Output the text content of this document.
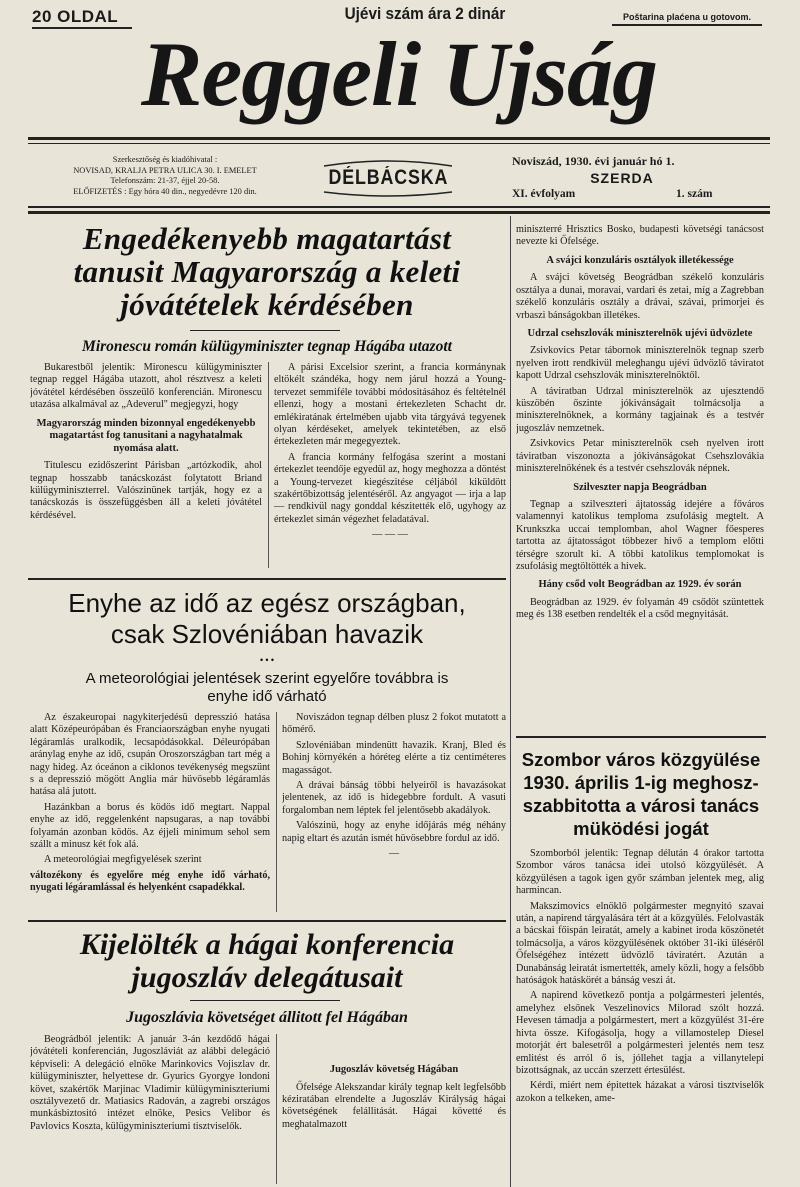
20 OLDAL	Ujévi szám ára 2 dinár	Poštarina plaćena u gotovom.
Reggeli Ujság
Szerkesztőség és kiadóhivatal :
NOVISAD, KRALJA PETRA ULICA 30. I. EMELET
Telefonszám: 21-37, éjjel 20-58.
ELŐFIZETÉS : Egy hóra 40 din., negyedévre 120 din.
DÉLBÁCSKA
Noviszád, 1930. évi január hó 1.
SZERDA
XI. évfolyam	1. szám
Engedékenyebb magatartást
tanusit Magyarország a keleti
jóvátételek kérdésében
Mironescu román külügyminiszter tegnap Hágába utazott

Bukarestből jelentik: Mironescu külügyminiszter tegnap reggel Hágába utazott, ahol résztvesz a keleti jóvátétel kérdésében összeülő konferencián. Mironescu utazása alkalmával az „Adeverul" megjegyzi, hogy

Magyarország minden bizonnyal engedékenyebb magatartást fog tanusitani a nagyhatalmak nyomása alatt.

Titulescu ezidőszerint Párisban „artózkodik, ahol tegnap hosszabb tanácskozást folytatott Briand külügyminiszterrel. Valószinünek tartják, hogy ez a tanácskozás is összefüggésben áll a keleti jóvátétel kérdésével.

A párisi Excelsior szerint, a francia kormánynak eltökélt szándéka, hogy nem járul hozzá a Young-tervezet semmiféle további módositásához és feltételnél ellenzi, hogy a mostani értekezleten Schacht dr. emlékiratának értelmében ujabb vita tárgyává tegyenek olyan kérdéseket, amelyek tekintetében, az első értekezleten már megegyeztek.

A francia kormány felfogása szerint a mostani értekezlet teendője egyedül az, hogy meghozza a döntést a Young-tervezet kiegészitése céljából kiküldött szakértőbizottság jelentéséről. Az angyagot — irja a lap — rendkivül nagy gonddal készitették elő, ugyhogy az értekezlet simán végezhet feladatával.

— — —
Enyhe az idő az egész országban,
csak Szlovéniában havazik
• • •
A meteorológiai jelentések szerint egyelőre továbbra is
enyhe idő várható

Az északeuropai nagykiterjedésü depresszió hatása alatt Középeurópában és Franciaországban enyhe nyugati légáramlás uralkodik, lecsapódásokkal. Déleurópában aránylag enyhe az idő, csupán Oroszországban tart még a nagy hideg. Az óceánon a ciklonos tevékenység megszünt s a depresszió mögött Anglia már hüvösebb légáramlás hatása alá jutott.

Hazánkban a borus és ködös idő megtart. Nappal enyhe az idő, reggelenként napsugaras, a nap további folyamán azonban ködös. Az éjjeli minimum sehol sem szállt a minusz két fok alá.

A meteorológiai megfigyelések szerint

változékony és egyelőre még enyhe idő várható, nyugati légáramlással és helyenként csapadékkal.

Noviszádon tegnap délben plusz 2 fokot mutatott a hőmérő.

Szlovéniában mindenütt havazik. Kranj, Bled és Bohinj környékén a hóréteg elérte a tiz centiméteres magasságot.

A drávai bánság többi helyeiről is havazásokat jelentenek, az idő is hidegebbre fordult. A vasuti forgalomban nem léptek fel jelentősebb akadályok.

Valószinü, hogy az enyhe időjárás még néhány napig eltart és azután ismét hüvösebbre fordul az idő.

—
Kijelölték a hágai konferencia
jugoszláv delegátusait
Jugoszlávia követséget állitott fel Hágában

Beográdból jelentik: A január 3-án kezdődő hágai jóvátételi konferencián, Jugoszláviát az alábbi delegáció képviseli: A delegáció elnöke Marinkovics Vojiszlav dr. külügyminiszter, helyettese dr. Gyurics Gyorgye londoni követ, szakértők Marjinac Vladimir külügyminiszteriumi osztályvezető dr. Matiasics Radován, a zagrebi országos munkásbiztositó intézet elnöke, Pesics Velibor és Pavlovics Koszta, külügyminiszteriumi tisztviselők.

Jugoszláv követség Hágában

Őfelsége Alekszandar király tegnap kelt legfelsőbb kéziratában elrendelte a Jugoszláv Királyság hágai követségének felállitását. Hágai követté és meghatalmazott

miniszterré Hrisztics Bosko, budapesti követségi tanácsost nevezte ki Őfelsége.

A svájci konzuláris osztályok illetékessége

A svájci követség Beográdban székelő konzuláris osztálya a dunai, moravai, vardari és zetai, míg a Zagrebban székelő konzuláris osztály a drávai, szávai, primorjei és vrbaszi bánságokban illetékes.

Udrzal csehszlovák miniszterelnök ujévi üdvözlete

Zsivkovics Petar tábornok miniszterelnök tegnap szerb nyelven irott rendkivül meleghangu ujévi üdvözlő táviratot kapott Udrzal csehszlovák miniszterelnöktől.

A táviratban Udrzal miniszterelnök az ujesztendő küszöbén őszinte jókivánságait tolmácsolja a miniszterelnöknek, a kormány tagjainak és a testvér jugoszláv nemzetnek.

Zsivkovics Petar miniszterelnök cseh nyelven irott táviratban viszonozta a jókivánságokat Csehszlovákia miniszterelnökének és a testvér csehszlovák népnek.

Szilveszter napja Beográdban

Tegnap a szilveszteri ájtatosság idejére a főváros valamennyi katolikus temploma zsufolásig megtelt. A Krunkszka uccai templomban, ahol Wagner főesperes tartotta az ájtatosságot többezer hivő a templom előtti térségre szorult ki. A többi katolikus templomokat is zsufolásig megtöltötték a hivek.

Hány csőd volt Beográdban az 1929. év során

Beográdban az 1929. év folyamán 49 csődöt szüntettek meg és 138 esetben rendelték el a csőd megnyitását.

Szombor város közgyülése
1930. április 1-ig meghosz-
szabbitotta a városi tanács
müködési jogát

Szomborból jelentik: Tegnap délután 4 órakor tartotta Szombor város tanácsa idei utolsó közgyülését. A közgyülésen a tagok igen győr számban jelentek meg, alig harmincan.

Makszimovics elnöklő polgármester megnyitó szavai után, a napirend tárgyalására tért át a közgyülés. Felolvasták a bácskai főispán leiratát, amely a kabinet iroda köszönetét tolmácsolja, a város közgyülésének október 31-iki üléséről Őfelségéhez intézett üdvözlő táviratért. Azután a Dunabánság leiratát ismertették, amely közli, hogy a felsőbb hatóságok hatáskörét a bánság veszi át.

A napirend következő pontja a polgármesteri jelentés, amelyhez elsőnek Veszelinovics Milorad szólt hozzá. Hevesen támadja a polgármestert, mert a közgyülést 31-ére hivta össze. Kifogásolja, hogy a villamostelep Diesel motorját ért balesetről a polgármesteri jelentés nem tesz emlitést és arról ő is, jóllehet tagja a villanytelepi bizottságnak, az uccán szerzett értesülést.

Kérdi, miért nem épitettek házakat a városi tisztviselők azokon a telkeken, ame-
